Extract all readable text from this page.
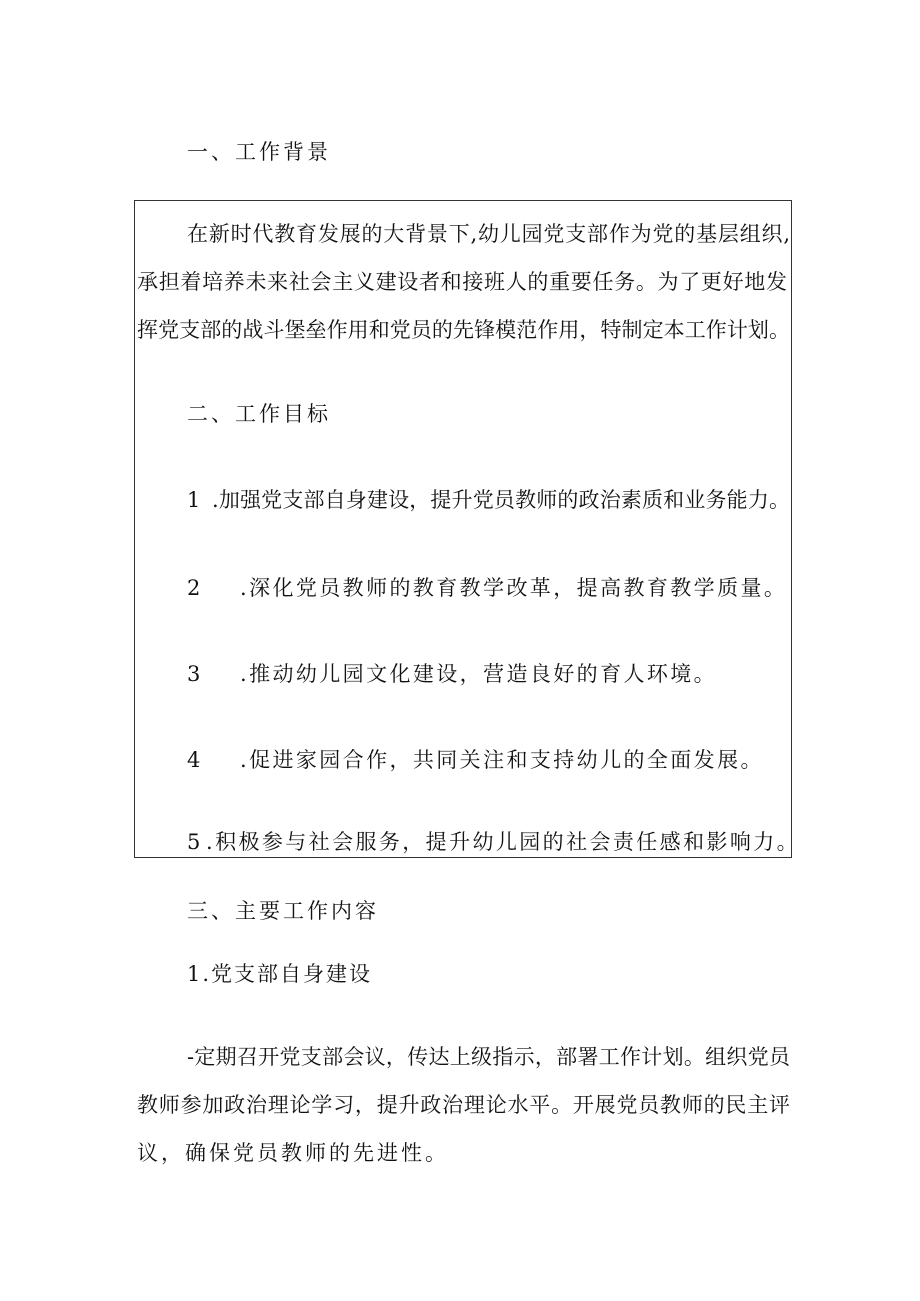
一、工作背景
在新时代教育发展的大背景下,幼儿园党支部作为党的基层组织,
承担着培养未来社会主义建设者和接班人的重要任务。为了更好地发
挥党支部的战斗堡垒作用和党员的先锋模范作用，特制定本工作计划。
二、工作目标
1 .加强党支部自身建设，提升党员教师的政治素质和业务能力。
2 .深化党员教师的教育教学改革，提高教育教学质量。
3 .推动幼儿园文化建设，营造良好的育人环境。
4 .促进家园合作，共同关注和支持幼儿的全面发展。
5 .积极参与社会服务，提升幼儿园的社会责任感和影响力。
三、主要工作内容
1.党支部自身建设
-定期召开党支部会议，传达上级指示，部署工作计划。组织党员
教师参加政治理论学习，提升政治理论水平。开展党员教师的民主评
议，确保党员教师的先进性。
